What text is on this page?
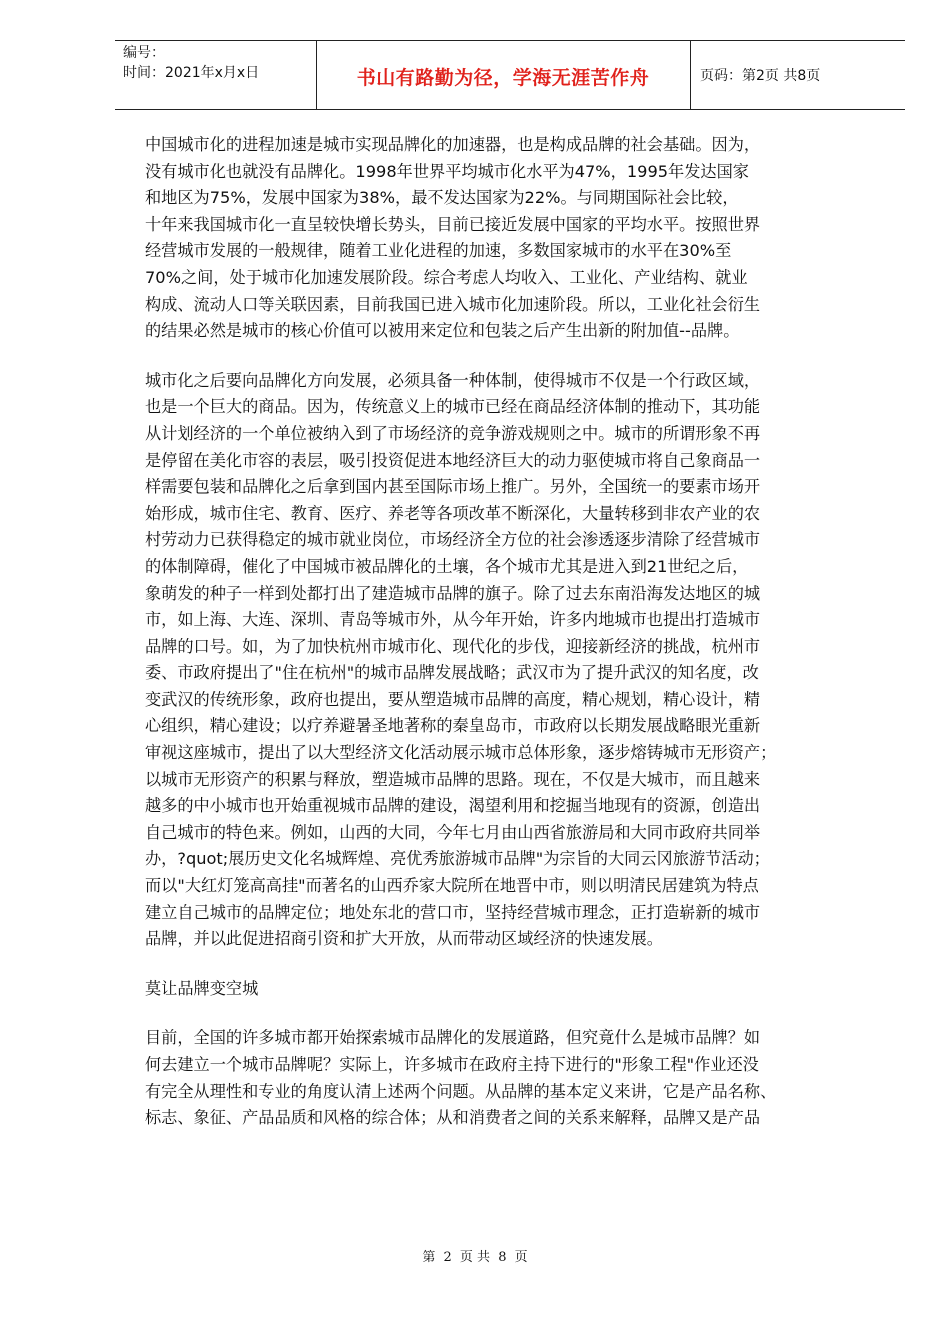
编号：
时间：2021年x月x日	书山有路勤为径，学海无涯苦作舟	页码：第2页 共8页
中国城市化的进程加速是城市实现品牌化的加速器，也是构成品牌的社会基础。因为，
没有城市化也就没有品牌化。1998年世界平均城市化水平为47%，1995年发达国家
和地区为75%，发展中国家为38%，最不发达国家为22%。与同期国际社会比较，
十年来我国城市化一直呈较快增长势头，目前已接近发展中国家的平均水平。按照世界
经营城市发展的一般规律，随着工业化进程的加速，多数国家城市的水平在30%至
70%之间，处于城市化加速发展阶段。综合考虑人均收入、工业化、产业结构、就业
构成、流动人口等关联因素，目前我国已进入城市化加速阶段。所以，工业化社会衍生
的结果必然是城市的核心价值可以被用来定位和包装之后产生出新的附加值--品牌。
城市化之后要向品牌化方向发展，必须具备一种体制，使得城市不仅是一个行政区域，
也是一个巨大的商品。因为，传统意义上的城市已经在商品经济体制的推动下，其功能
从计划经济的一个单位被纳入到了市场经济的竞争游戏规则之中。城市的所谓形象不再
是停留在美化市容的表层，吸引投资促进本地经济巨大的动力驱使城市将自己象商品一
样需要包装和品牌化之后拿到国内甚至国际市场上推广。另外，全国统一的要素市场开
始形成，城市住宅、教育、医疗、养老等各项改革不断深化，大量转移到非农产业的农
村劳动力已获得稳定的城市就业岗位，市场经济全方位的社会渗透逐步清除了经营城市
的体制障碍，催化了中国城市被品牌化的土壤，各个城市尤其是进入到21世纪之后，
象萌发的种子一样到处都打出了建造城市品牌的旗子。除了过去东南沿海发达地区的城
市，如上海、大连、深圳、青岛等城市外，从今年开始，许多内地城市也提出打造城市
品牌的口号。如，为了加快杭州市城市化、现代化的步伐，迎接新经济的挑战，杭州市
委、市政府提出了"住在杭州"的城市品牌发展战略；武汉市为了提升武汉的知名度，改
变武汉的传统形象，政府也提出，要从塑造城市品牌的高度，精心规划，精心设计，精
心组织，精心建设；以疗养避暑圣地著称的秦皇岛市，市政府以长期发展战略眼光重新
审视这座城市，提出了以大型经济文化活动展示城市总体形象，逐步熔铸城市无形资产；
以城市无形资产的积累与释放，塑造城市品牌的思路。现在，不仅是大城市，而且越来
越多的中小城市也开始重视城市品牌的建设，渴望利用和挖掘当地现有的资源，创造出
自己城市的特色来。例如，山西的大同，今年七月由山西省旅游局和大同市政府共同举
办，?quot;展历史文化名城辉煌、亮优秀旅游城市品牌"为宗旨的大同云冈旅游节活动；
而以"大红灯笼高高挂"而著名的山西乔家大院所在地晋中市，则以明清民居建筑为特点
建立自己城市的品牌定位；地处东北的营口市，坚持经营城市理念，正打造崭新的城市
品牌，并以此促进招商引资和扩大开放，从而带动区域经济的快速发展。
莫让品牌变空城
目前，全国的许多城市都开始探索城市品牌化的发展道路，但究竟什么是城市品牌？如
何去建立一个城市品牌呢？实际上，许多城市在政府主持下进行的"形象工程"作业还没
有完全从理性和专业的角度认清上述两个问题。从品牌的基本定义来讲，它是产品名称、
标志、象征、产品品质和风格的综合体；从和消费者之间的关系来解释，品牌又是产品
第 2 页 共 8 页
